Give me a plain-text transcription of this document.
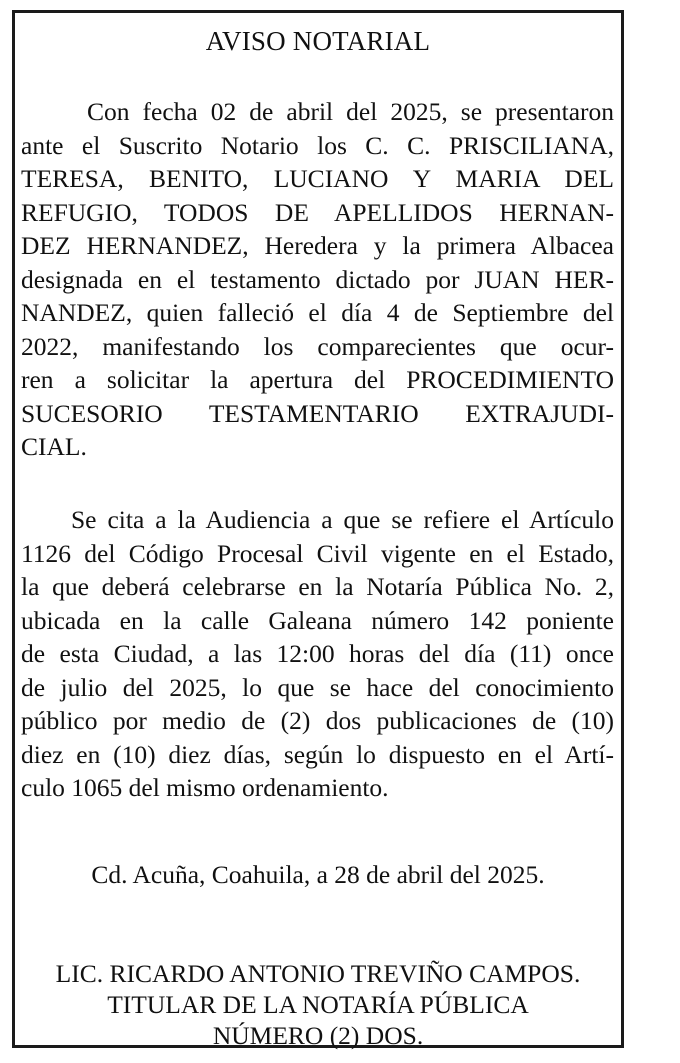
AVISO NOTARIAL
Con fecha 02 de abril del 2025, se presentaron
ante el Suscrito Notario los C. C. PRISCILIANA,
TERESA, BENITO, LUCIANO Y MARIA DEL
REFUGIO, TODOS DE APELLIDOS HERNAN-
DEZ HERNANDEZ, Heredera y la primera Albacea
designada en el testamento dictado por JUAN HER-
NANDEZ, quien falleció el día 4 de Septiembre del
2022, manifestando los comparecientes que ocur-
ren a solicitar la apertura del PROCEDIMIENTO
SUCESORIO TESTAMENTARIO EXTRAJUDI-
CIAL.
Se cita a la Audiencia a que se refiere el Artículo
1126 del Código Procesal Civil vigente en el Estado,
la que deberá celebrarse en la Notaría Pública No. 2,
ubicada en la calle Galeana número 142 poniente
de esta Ciudad, a las 12:00 horas del día (11) once
de julio del 2025, lo que se hace del conocimiento
público por medio de (2) dos publicaciones de (10)
diez en (10) diez días, según lo dispuesto en el Artí-
culo 1065 del mismo ordenamiento.
Cd. Acuña, Coahuila, a 28 de abril del 2025.
LIC. RICARDO ANTONIO TREVIÑO CAMPOS.
TITULAR DE LA NOTARÍA PÚBLICA
NÚMERO (2) DOS.
